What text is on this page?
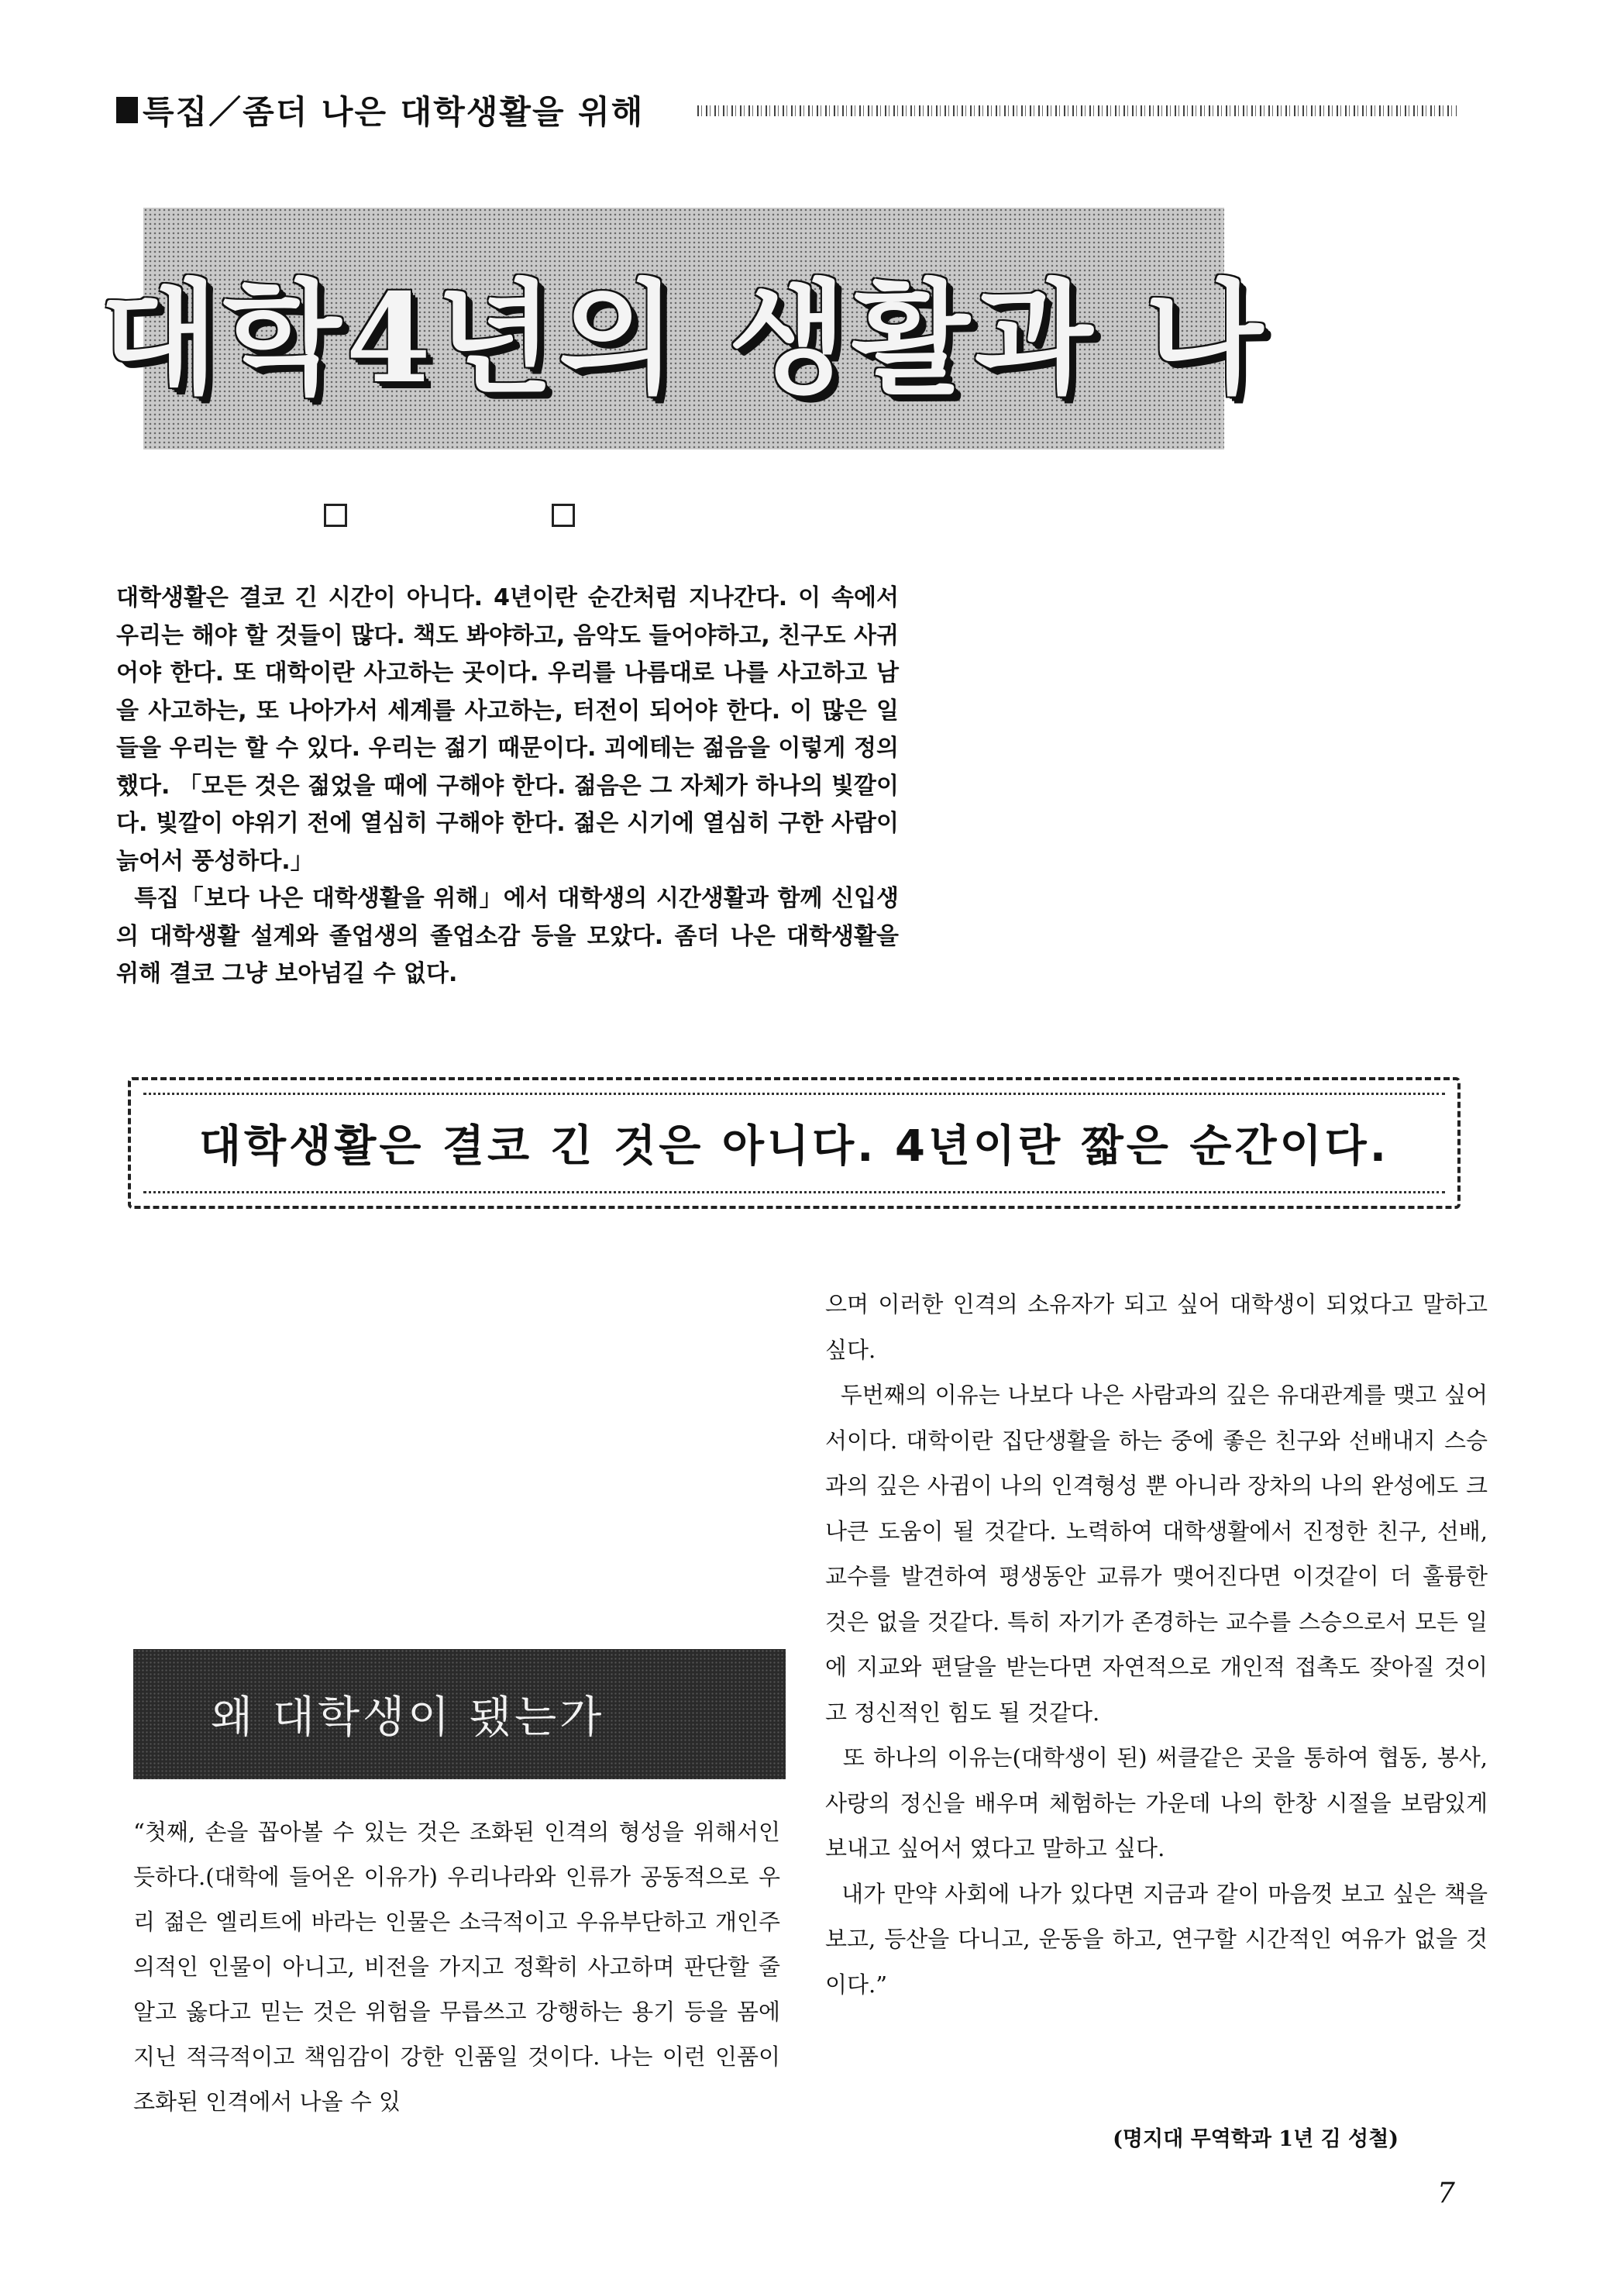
특집／좀더 나은 대학생활을 위해
대학4년의 생활과 나
대학생활은 결코 긴 시간이 아니다. 4년이란 순간처럼 지나간다. 이 속에서 우리는 해야 할 것들이 많다. 책도 봐야하고, 음악도 들어야하고, 친구도 사귀어야 한다. 또 대학이란 사고하는 곳이다. 우리를 나름대로 나를 사고하고 남을 사고하는, 또 나아가서 세계를 사고하는, 터전이 되어야 한다. 이 많은 일들을 우리는 할 수 있다. 우리는 젊기 때문이다. 괴에테는 젊음을 이렇게 정의했다. 「모든 것은 젊었을 때에 구해야 한다. 젊음은 그 자체가 하나의 빛깔이다. 빛깔이 야위기 전에 열심히 구해야 한다. 젊은 시기에 열심히 구한 사람이 늙어서 풍성하다.」
특집「보다 나은 대학생활을 위해」에서 대학생의 시간생활과 함께 신입생의 대학생활 설계와 졸업생의 졸업소감 등을 모았다. 좀더 나은 대학생활을 위해 결코 그냥 보아넘길 수 없다.
대학생활은 결코 긴 것은 아니다. 4년이란 짧은 순간이다.
왜 대학생이 됐는가
“첫째, 손을 꼽아볼 수 있는 것은 조화된 인격의 형성을 위해서인 듯하다.(대학에 들어온 이유가) 우리나라와 인류가 공동적으로 우리 젊은 엘리트에 바라는 인물은 소극적이고 우유부단하고 개인주의적인 인물이 아니고, 비전을 가지고 정확히 사고하며 판단할 줄 알고 옳다고 믿는 것은 위험을 무릅쓰고 강행하는 용기 등을 몸에 지닌 적극적이고 책임감이 강한 인품일 것이다. 나는 이런 인품이 조화된 인격에서 나올 수 있
으며 이러한 인격의 소유자가 되고 싶어 대학생이 되었다고 말하고 싶다.
두번째의 이유는 나보다 나은 사람과의 깊은 유대관계를 맺고 싶어서이다. 대학이란 집단생활을 하는 중에 좋은 친구와 선배내지 스승과의 깊은 사귐이 나의 인격형성 뿐 아니라 장차의 나의 완성에도 크나큰 도움이 될 것같다. 노력하여 대학생활에서 진정한 친구, 선배, 교수를 발견하여 평생동안 교류가 맺어진다면 이것같이 더 훌륭한 것은 없을 것같다. 특히 자기가 존경하는 교수를 스승으로서 모든 일에 지교와 편달을 받는다면 자연적으로 개인적 접촉도 잦아질 것이고 정신적인 힘도 될 것같다.
또 하나의 이유는(대학생이 된) 써클같은 곳을 통하여 협동, 봉사, 사랑의 정신을 배우며 체험하는 가운데 나의 한창 시절을 보람있게 보내고 싶어서 였다고 말하고 싶다.
내가 만약 사회에 나가 있다면 지금과 같이 마음껏 보고 싶은 책을 보고, 등산을 다니고, 운동을 하고, 연구할 시간적인 여유가 없을 것이다.”
(명지대 무역학과 1년 김 성철)
7
